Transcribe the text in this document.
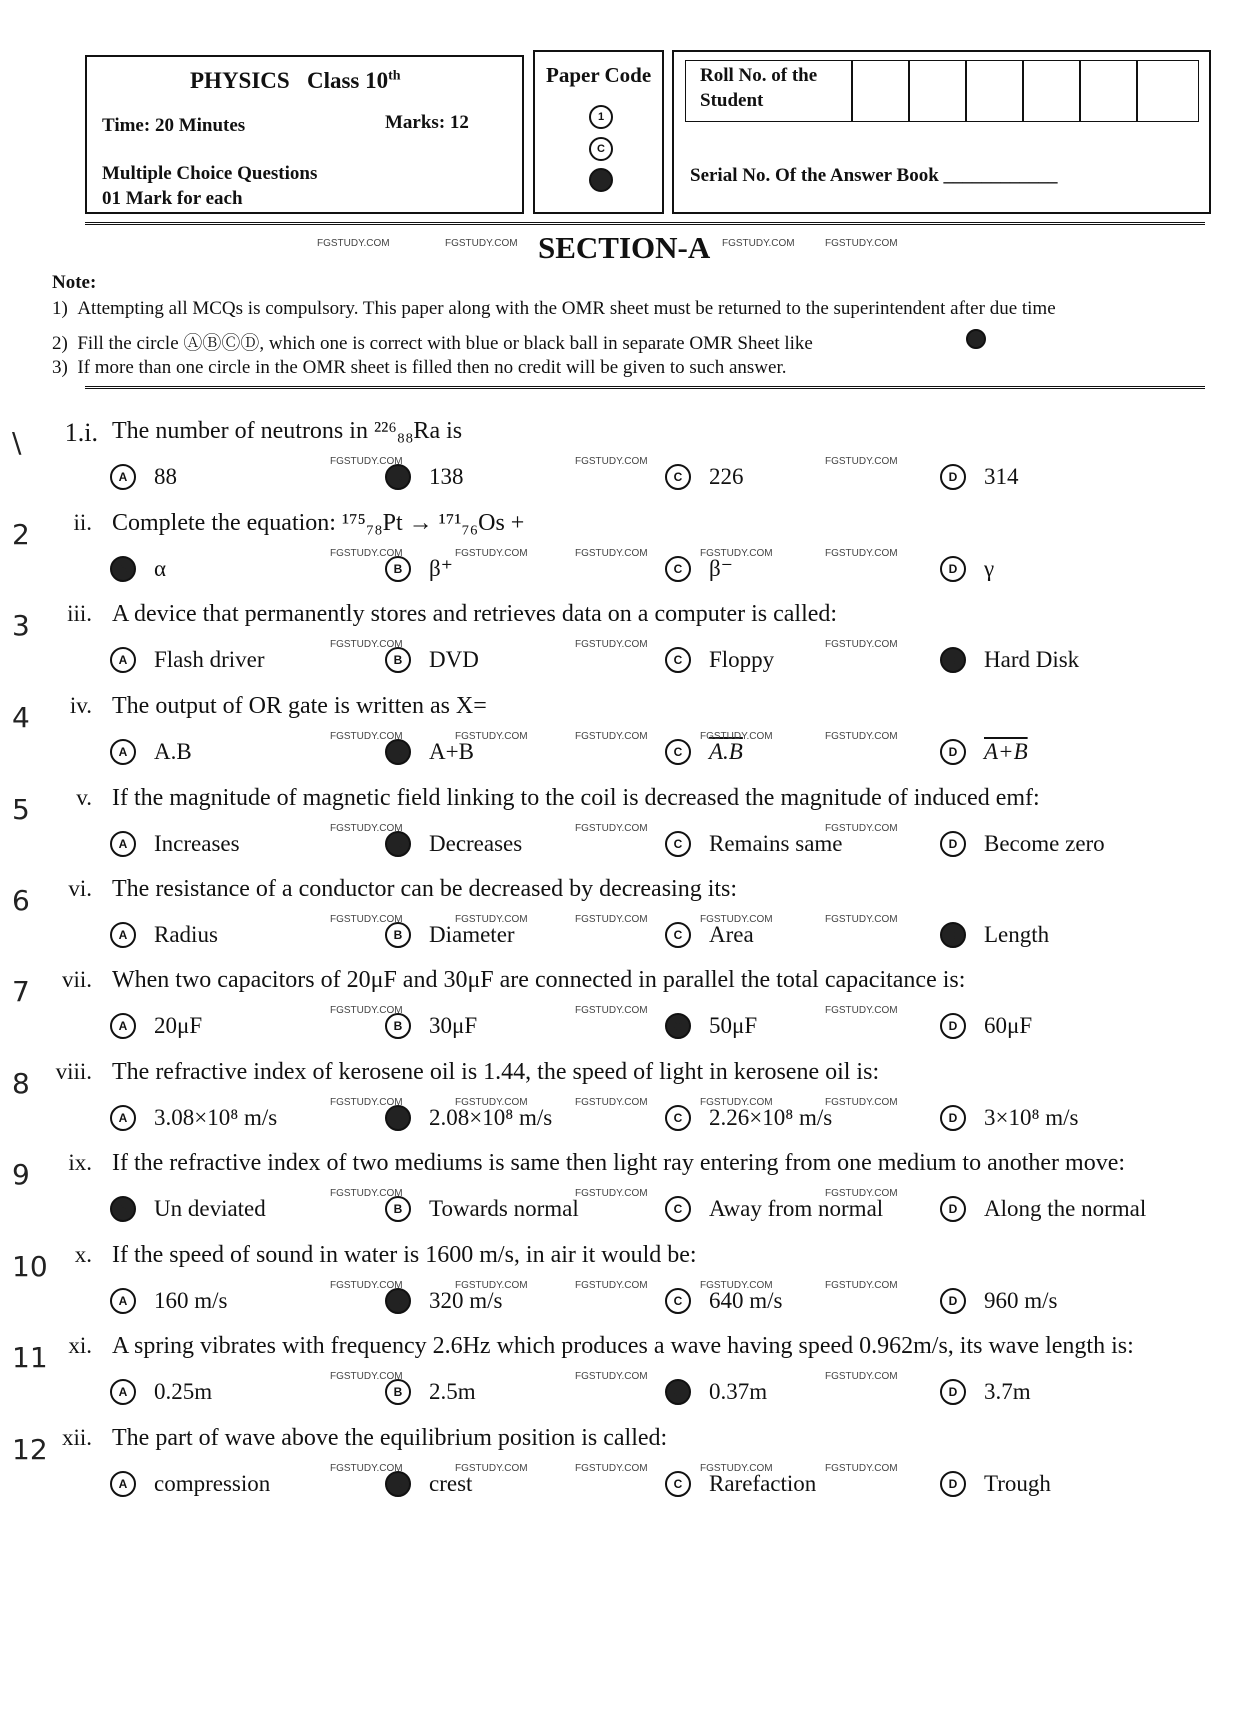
PHYSICS Class 10th
Time: 20 Minutes	Marks: 12
Multiple Choice Questions
01 Mark for each
Paper Code
1
C
●
Roll No. of the
Student
Serial No. Of the Answer Book ____________
SECTION-A
FGSTUDY.COM	FGSTUDY.COM	FGSTUDY.COM	FGSTUDY.COM
Note:
1) Attempting all MCQs is compulsory. This paper along with the OMR sheet must be returned to the superintendent after due time
2) Fill the circle ⒶⒷⒸⒹ, which one is correct with blue or black ball in separate OMR Sheet like
3) If more than one circle in the OMR sheet is filled then no credit will be given to such answer.
\	1.i. The number of neutrons in ²²⁶₈₈Ra is
A	88	B	138	C	226	D	314
FGSTUDY.COM	FGSTUDY.COM	FGSTUDY.COM
2	ii. Complete the equation: ¹⁷⁵₇₈Pt → ¹⁷¹₇₆Os +
A	α	B	β⁺	C	β⁻	D	γ
FGSTUDY.COM	FGSTUDY.COM	FGSTUDY.COM	FGSTUDY.COM	FGSTUDY.COM
3	iii. A device that permanently stores and retrieves data on a computer is called:
A	Flash driver	B	DVD	C	Floppy	D	Hard Disk
FGSTUDY.COM	FGSTUDY.COM	FGSTUDY.COM
4	iv. The output of OR gate is written as X=
A	A.B	B	A+B	C	A.B	D	A+B
FGSTUDY.COM	FGSTUDY.COM	FGSTUDY.COM	FGSTUDY.COM	FGSTUDY.COM
5	v. If the magnitude of magnetic field linking to the coil is decreased the magnitude of induced emf:
A	Increases	B	Decreases	C	Remains same	D	Become zero
FGSTUDY.COM	FGSTUDY.COM	FGSTUDY.COM
6	vi. The resistance of a conductor can be decreased by decreasing its:
A	Radius	B	Diameter	C	Area	D	Length
FGSTUDY.COM	FGSTUDY.COM	FGSTUDY.COM	FGSTUDY.COM	FGSTUDY.COM
7	vii. When two capacitors of 20μF and 30μF are connected in parallel the total capacitance is:
A	20μF	B	30μF	C	50μF	D	60μF
FGSTUDY.COM	FGSTUDY.COM	FGSTUDY.COM
8 viii. The refractive index of kerosene oil is 1.44, the speed of light in kerosene oil is:
A	3.08×10⁸ m/s	B	2.08×10⁸ m/s	C	2.26×10⁸ m/s	D	3×10⁸ m/s
FGSTUDY.COM	FGSTUDY.COM	FGSTUDY.COM	FGSTUDY.COM	FGSTUDY.COM
9	ix. If the refractive index of two mediums is same then light ray entering from one medium to another move:
A	Un deviated	B	Towards normal	C	Away from normal	D	Along the normal
FGSTUDY.COM	FGSTUDY.COM	FGSTUDY.COM
10	x. If the speed of sound in water is 1600 m/s, in air it would be:
A	160 m/s	B	320 m/s	C	640 m/s	D	960 m/s
FGSTUDY.COM	FGSTUDY.COM	FGSTUDY.COM	FGSTUDY.COM	FGSTUDY.COM
11 xi. A spring vibrates with frequency 2.6Hz which produces a wave having speed 0.962m/s, its wave length is:
A	0.25m	B	2.5m	C	0.37m	D	3.7m
FGSTUDY.COM	FGSTUDY.COM	FGSTUDY.COM
12 xii. The part of wave above the equilibrium position is called:
A	compression	B	crest	C	Rarefaction	D	Trough
FGSTUDY.COM	FGSTUDY.COM	FGSTUDY.COM	FGSTUDY.COM	FGSTUDY.COM
